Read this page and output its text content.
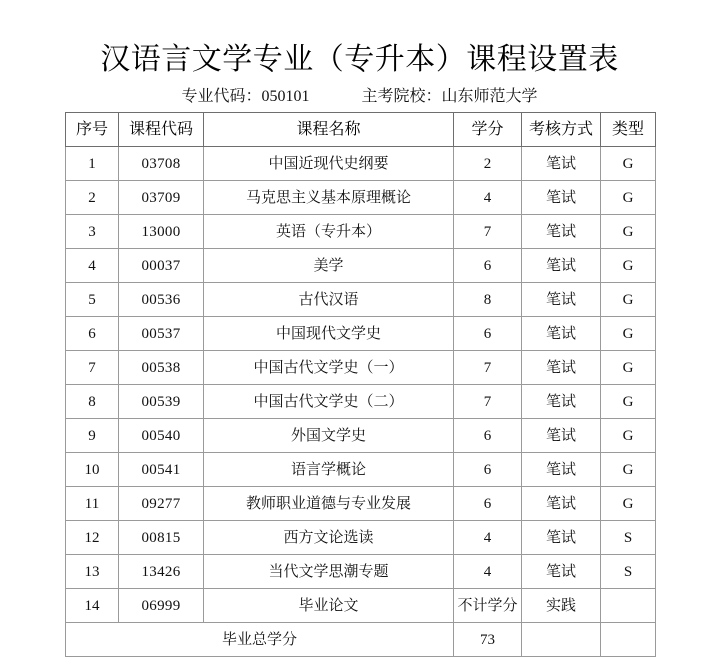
汉语言文学专业（专升本）课程设置表
专业代码：050101	主考院校：山东师范大学
序号	课程代码	课程名称	学分	考核方式	类型
1	03708	中国近现代史纲要	2	笔试	G
2	03709	马克思主义基本原理概论	4	笔试	G
3	13000	英语（专升本）	7	笔试	G
4	00037	美学	6	笔试	G
5	00536	古代汉语	8	笔试	G
6	00537	中国现代文学史	6	笔试	G
7	00538	中国古代文学史（一）	7	笔试	G
8	00539	中国古代文学史（二）	7	笔试	G
9	00540	外国文学史	6	笔试	G
10	00541	语言学概论	6	笔试	G
11	09277	教师职业道德与专业发展	6	笔试	G
12	00815	西方文论选读	4	笔试	S
13	13426	当代文学思潮专题	4	笔试	S
14	06999	毕业论文	不计学分	实践	
毕业总学分			73		
